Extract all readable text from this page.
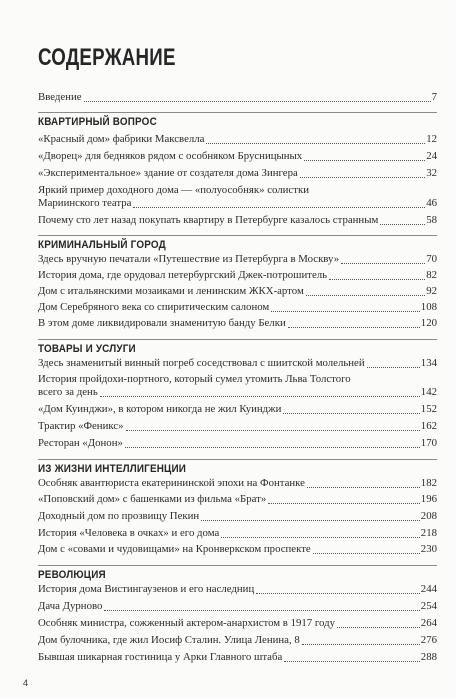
СОДЕРЖАНИЕ
Введение	7
КВАРТИРНЫЙ ВОПРОС
«Красный дом» фабрики Максвелла	12
«Дворец» для бедняков рядом с особняком Брусницыных	24
«Экспериментальное» здание от создателя дома Зингера	32
Яркий пример доходного дома — «полуособняк» солистки
Мариинского театра	46
Почему сто лет назад покупать квартиру в Петербурге казалось странным	58
КРИМИНАЛЬНЫЙ ГОРОД
Здесь вручную печатали «Путешествие из Петербурга в Москву»	70
История дома, где орудовал петербургский Джек-потрошитель	82
Дом с итальянскими мозаиками и ленинским ЖКХ-артом	92
Дом Серебряного века со спиритическим салоном	108
В этом доме ликвидировали знаменитую банду Белки	120
ТОВАРЫ И УСЛУГИ
Здесь знаменитый винный погреб соседствовал с шиитской молельней	134
История пройдохи-портного, который сумел утомить Льва Толстого
всего за день	142
«Дом Куинджи», в котором никогда не жил Куинджи	152
Трактир «Феникс»	162
Ресторан «Донон»	170
ИЗ ЖИЗНИ ИНТЕЛЛИГЕНЦИИ
Особняк авантюриста екатерининской эпохи на Фонтанке	182
«Поповский дом» с башенками из фильма «Брат»	196
Доходный дом по прозвищу Пекин	208
История «Человека в очках» и его дома	218
Дом с «совами и чудовищами» на Кронверкском проспекте	230
РЕВОЛЮЦИЯ
История дома Вистингаузенов и его наследниц	244
Дача Дурново	254
Особняк министра, сожженный актером-анархистом в 1917 году	264
Дом булочника, где жил Иосиф Сталин. Улица Ленина, 8	276
Бывшая шикарная гостиница у Арки Главного штаба	288
4
